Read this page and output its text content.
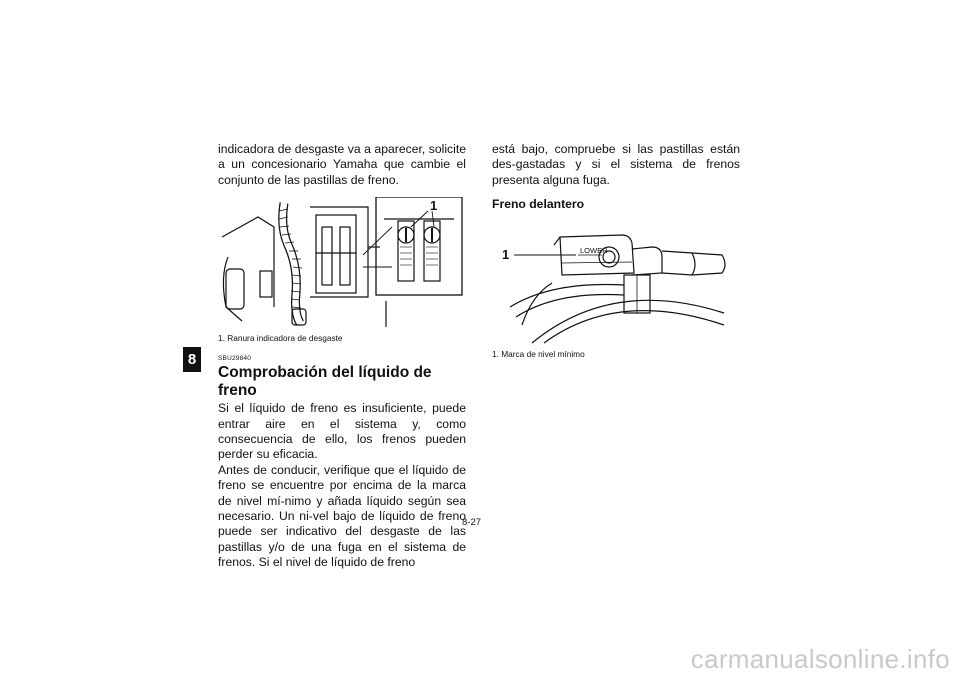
8

indicadora de desgaste va a aparecer, solicite a un concesionario Yamaha que cambie el conjunto de las pastillas de freno.

1
1. Ranura indicadora de desgaste
SBU29840
Comprobación del líquido de freno

Si el líquido de freno es insuficiente, puede entrar aire en el sistema y, como consecuencia de ello, los frenos pueden perder su eficacia.

Antes de conducir, verifique que el líquido de freno se encuentre por encima de la marca de nivel mí-nimo y añada líquido según sea necesario. Un ni-vel bajo de líquido de freno puede ser indicativo del desgaste de las pastillas y/o de una fuga en el sistema de frenos. Si el nivel de líquido de freno

está bajo, compruebe si las pastillas están des-gastadas y si el sistema de frenos presenta alguna fuga.

Freno delantero
LOWER
1
1. Marca de nivel mínimo
8-27
carmanualsonline.info
